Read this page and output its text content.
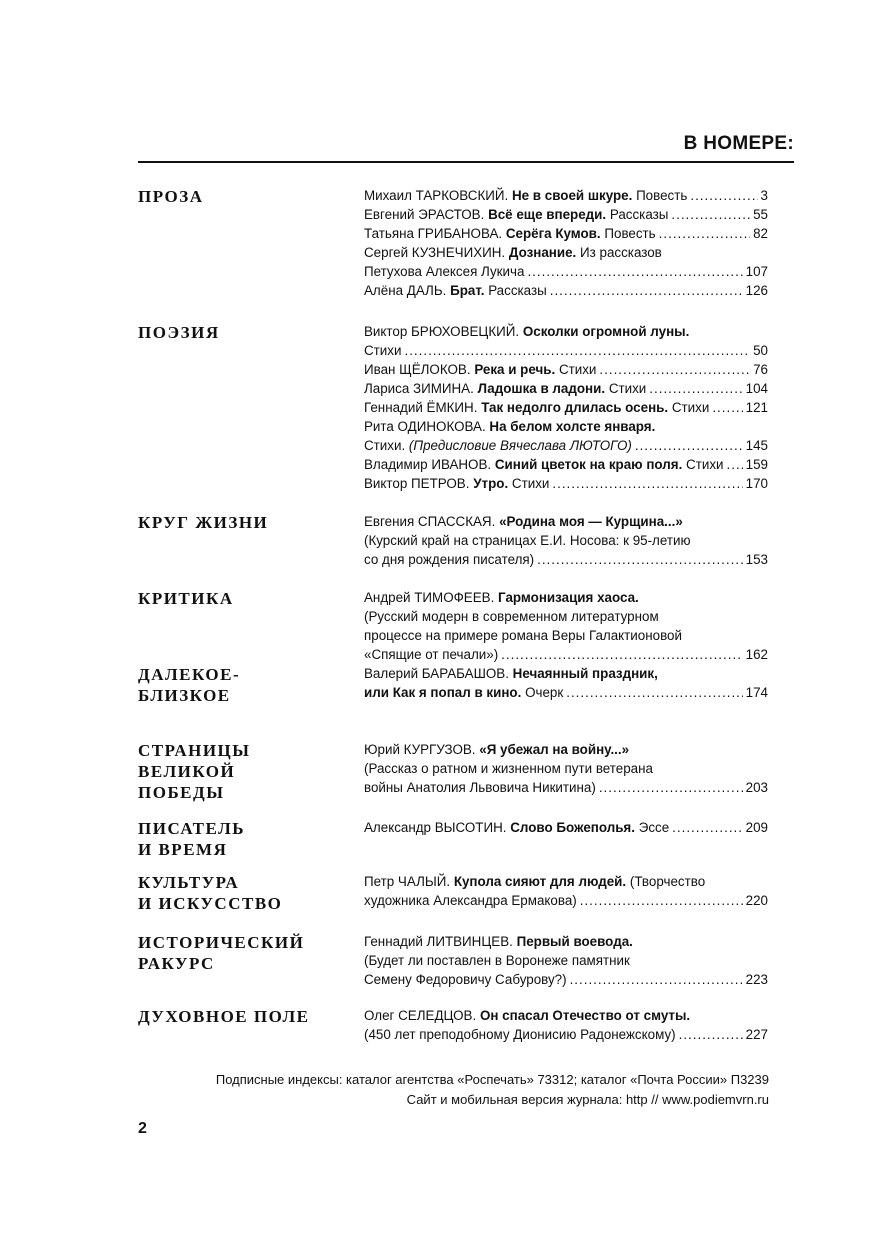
В НОМЕРЕ:
ПРОЗА	Михаил ТАРКОВСКИЙ. Не в своей шкуре. Повесть .....	3
Евгений ЭРАСТОВ. Всё еще впереди. Рассказы .....	55
Татьяна ГРИБАНОВА. Серёга Кумов. Повесть .....	82
Сергей КУЗНЕЧИХИН. Дознание. Из рассказов
Петухова Алексея Лукича .....	107
Алёна ДАЛЬ. Брат. Рассказы .....	126
ПОЭЗИЯ	Виктор БРЮХОВЕЦКИЙ. Осколки огромной луны.
Стихи .....	50
Иван ЩЁЛОКОВ. Река и речь. Стихи .....	76
Лариса ЗИМИНА. Ладошка в ладони. Стихи .....	104
Геннадий ЁМКИН. Так недолго длилась осень. Стихи .....	121
Рита ОДИНОКОВА. На белом холсте января.
Стихи. (Предисловие Вячеслава ЛЮТОГО) .....	145
Владимир ИВАНОВ. Синий цветок на краю поля. Стихи ..... 159
Виктор ПЕТРОВ. Утро. Стихи .....	170
КРУГ ЖИЗНИ	Евгения СПАССКАЯ. «Родина моя — Курщина...»
(Курский край на страницах Е.И. Носова: к 95-летию
со дня рождения писателя) .....	153
КРИТИКА	Андрей ТИМОФЕЕВ. Гармонизация хаоса.
(Русский модерн в современном литературном
процессе на примере романа Веры Галактионовой
«Спящие от печали») .....	162
ДАЛЕКОЕ-
БЛИЗКОЕ
Валерий БАРАБАШОВ. Нечаянный праздник,
или Как я попал в кино. Очерк .....	174
СТРАНИЦЫ
ВЕЛИКОЙ
ПОБЕДЫ
Юрий КУРГУЗОВ. «Я убежал на войну...»
(Рассказ о ратном и жизненном пути ветерана
войны Анатолия Львовича Никитина) .....	203
ПИСАТЕЛЬ
И ВРЕМЯ
Александр ВЫСОТИН. Слово Божеполья. Эссе .....	209
КУЛЬТУРА
И ИСКУССТВО
Петр ЧАЛЫЙ. Купола сияют для людей. (Творчество
художника Александра Ермакова) .....	220
ИСТОРИЧЕСКИЙ
РАКУРС
Геннадий ЛИТВИНЦЕВ. Первый воевода.
(Будет ли поставлен в Воронеже памятник
Семену Федоровичу Сабурову?) .....	223
ДУХОВНОЕ ПОЛЕ	Олег СЕЛЕДЦОВ. Он спасал Отечество от смуты.
(450 лет преподобному Дионисию Радонежскому) .....	227
Подписные индексы: каталог агентства «Роспечать» 73312; каталог «Почта России» П3239
Сайт и мобильная версия журнала: http // www.podiemvrn.ru
2
